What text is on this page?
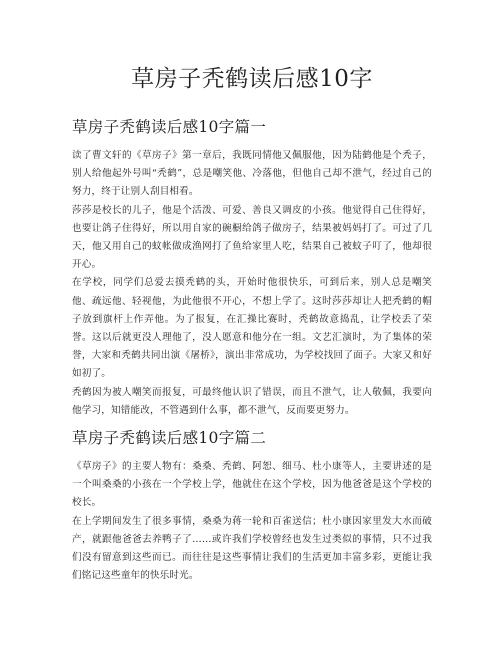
草房子秃鹤读后感10字
草房子秃鹤读后感10字篇一

读了曹文轩的《草房子》第一章后，我既同情他又佩服他，因为陆鹤他是个秃子，别人给他起外号叫“秃鹤”，总是嘲笑他、冷落他，但他自己却不泄气，经过自己的努力，终于让别人刮目相看。

莎莎是校长的儿子，他是个活泼、可爱、善良又调皮的小孩。他觉得自己住得好，也要让鸽子住得好，所以用自家的碗橱给鸽子做房子，结果被妈妈打了。可过了几天，他又用自己的蚊帐做成渔网打了鱼给家里人吃，结果自己被蚊子叮了，他却很开心。

在学校，同学们总爱去摸秃鹤的头，开始时他很快乐，可到后来，别人总是嘲笑他、疏远他、轻视他，为此他很不开心，不想上学了。这时莎莎却让人把秃鹤的帽子放到旗杆上作弄他。为了报复，在汇操比赛时，秃鹤故意捣乱，让学校丢了荣誉。这以后就更没人理他了，没人愿意和他分在一组。文艺汇演时，为了集体的荣誉，大家和秃鹤共同出演《屠桥》，演出非常成功，为学校找回了面子。大家又和好如初了。

秃鹤因为被人嘲笑而报复，可最终他认识了错误，而且不泄气，让人敬佩，我要向他学习，知错能改，不管遇到什么事，都不泄气，反而要更努力。

草房子秃鹤读后感10字篇二

《草房子》的主要人物有：桑桑、秃鹤、阿恕、细马、杜小康等人，主要讲述的是一个叫桑桑的小孩在一个学校上学，他就住在这个学校，因为他爸爸是这个学校的校长。

在上学期间发生了很多事情，桑桑为蒋一轮和百雀送信；杜小康因家里发大水而破产，就跟他爸爸去养鸭子了……或许我们学校曾经也发生过类似的事情，只不过我们没有留意到这些而已。而往往是这些事情让我们的生活更加丰富多彩，更能让我们铭记这些童年的快乐时光。
